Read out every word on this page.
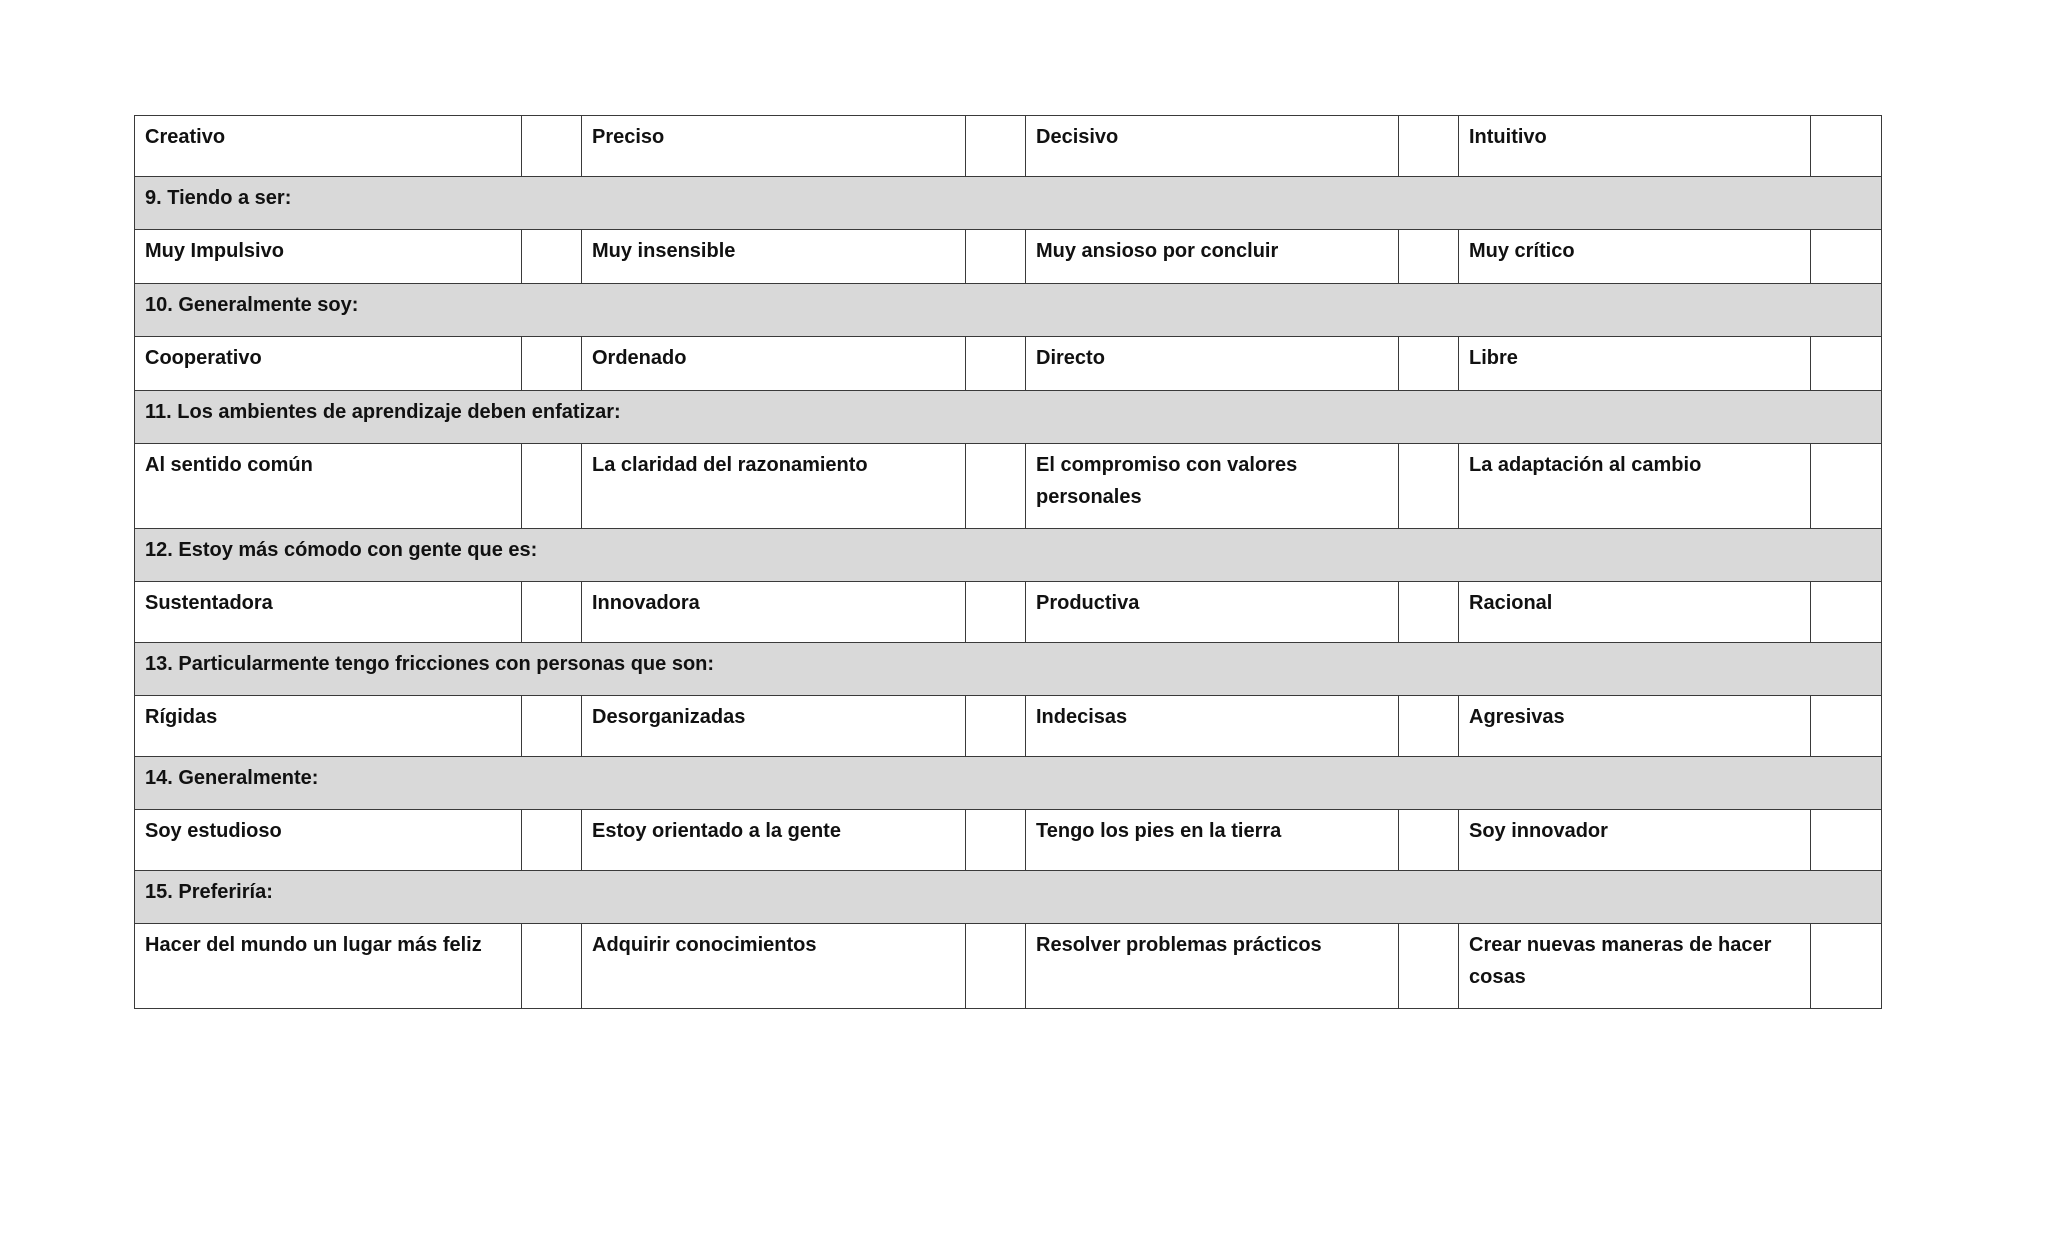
Creativo		Preciso		Decisivo		Intuitivo	

9. Tiendo a ser:							

Muy Impulsivo		Muy insensible		Muy ansioso por concluir		Muy crítico	

10. Generalmente soy:							

Cooperativo		Ordenado		Directo		Libre	

11. Los ambientes de aprendizaje deben enfatizar:							

Al sentido común		La claridad del razonamiento		El compromiso con valores personales		La adaptación al cambio	

12. Estoy más cómodo con gente que es:							

Sustentadora		Innovadora		Productiva		Racional	

13. Particularmente tengo fricciones con personas que son:							

Rígidas		Desorganizadas		Indecisas		Agresivas	

14. Generalmente:							

Soy estudioso		Estoy orientado a la gente		Tengo los pies en la tierra		Soy innovador	

15. Preferiría:							

Hacer del mundo un lugar más feliz		Adquirir conocimientos		Resolver problemas prácticos		Crear nuevas maneras de hacer cosas	
